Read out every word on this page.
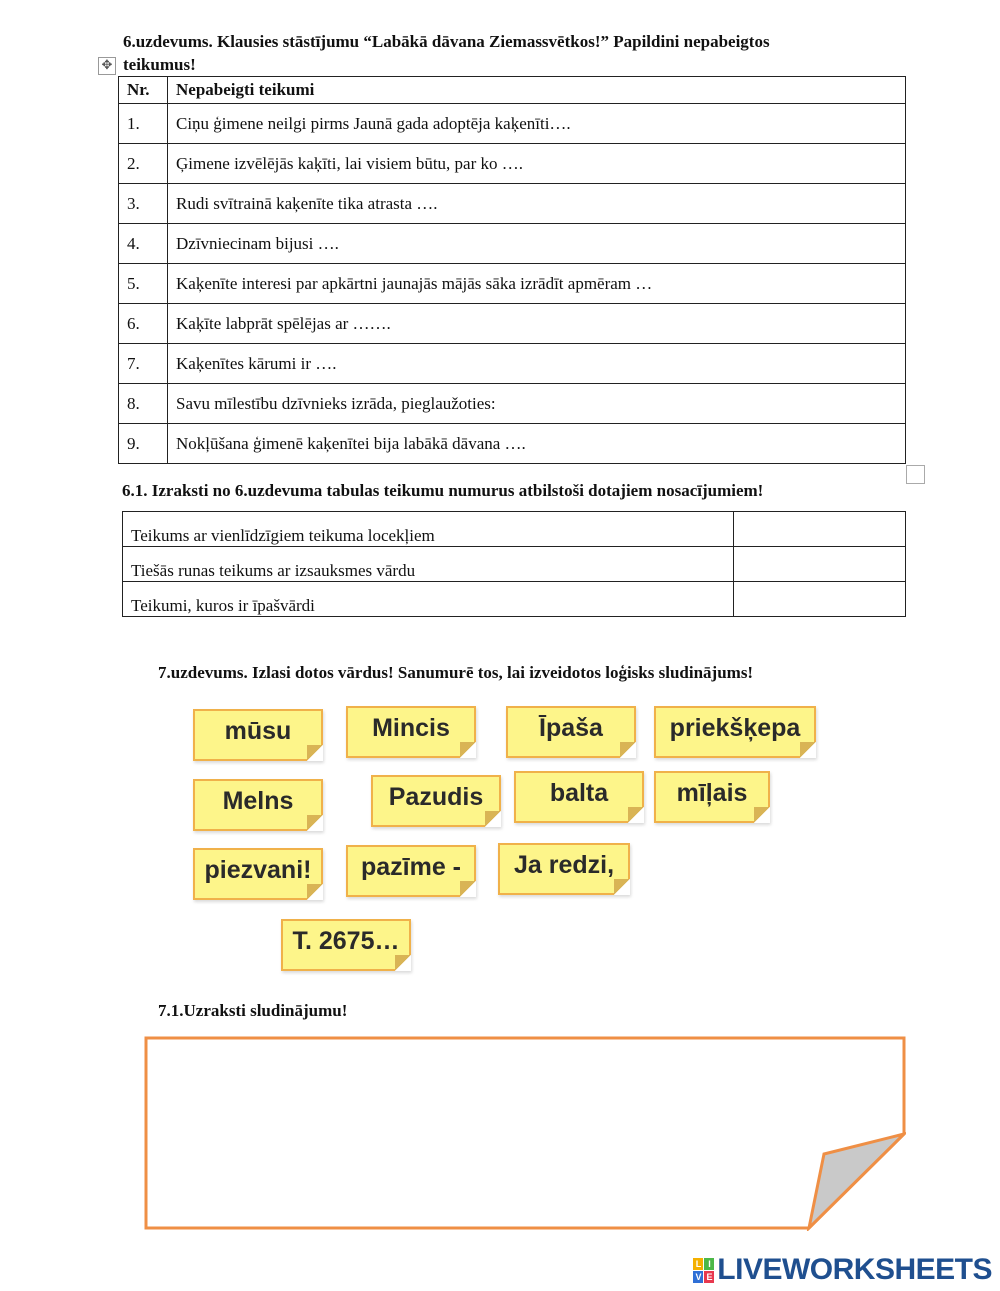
6.uzdevums. Klausies stāstījumu “Labākā dāvana Ziemassvētkos!” Papildini nepabeigtos
✥ teikumus!
Nr.	Nepabeigti teikumi
1.	Ciņu ģimene neilgi pirms Jaunā gada adoptēja kaķenīti….
2.	Ģimene izvēlējās kaķīti, lai visiem būtu, par ko ….
3.	Rudi svītrainā kaķenīte tika atrasta ….
4.	Dzīvniecinam bijusi ….
5.	Kaķenīte interesi par apkārtni jaunajās mājās sāka izrādīt apmēram …
6.	Kaķīte labprāt spēlējas ar …….
7.	Kaķenītes kārumi ir ….
8.	Savu mīlestību dzīvnieks izrāda, pieglaužoties:
9.	Nokļūšana ģimenē kaķenītei bija labākā dāvana ….
6.1. Izraksti no 6.uzdevuma tabulas teikumu numurus atbilstoši dotajiem nosacījumiem!
Teikums ar vienlīdzīgiem teikuma locekļiem	
Tiešās runas teikums ar izsauksmes vārdu	
Teikumi, kuros ir īpašvārdi	
7.uzdevums. Izlasi dotos vārdus! Sanumurē tos, lai izveidotos loģisks sludinājums!
mūsu	Mincis	Īpaša	priekšķepa
Melns	Pazudis	balta	mīļais
piezvani!	pazīme -	Ja redzi,
T. 2675…
7.1.Uzraksti sludinājumu!
L I
V E LIVEWORKSHEETS
